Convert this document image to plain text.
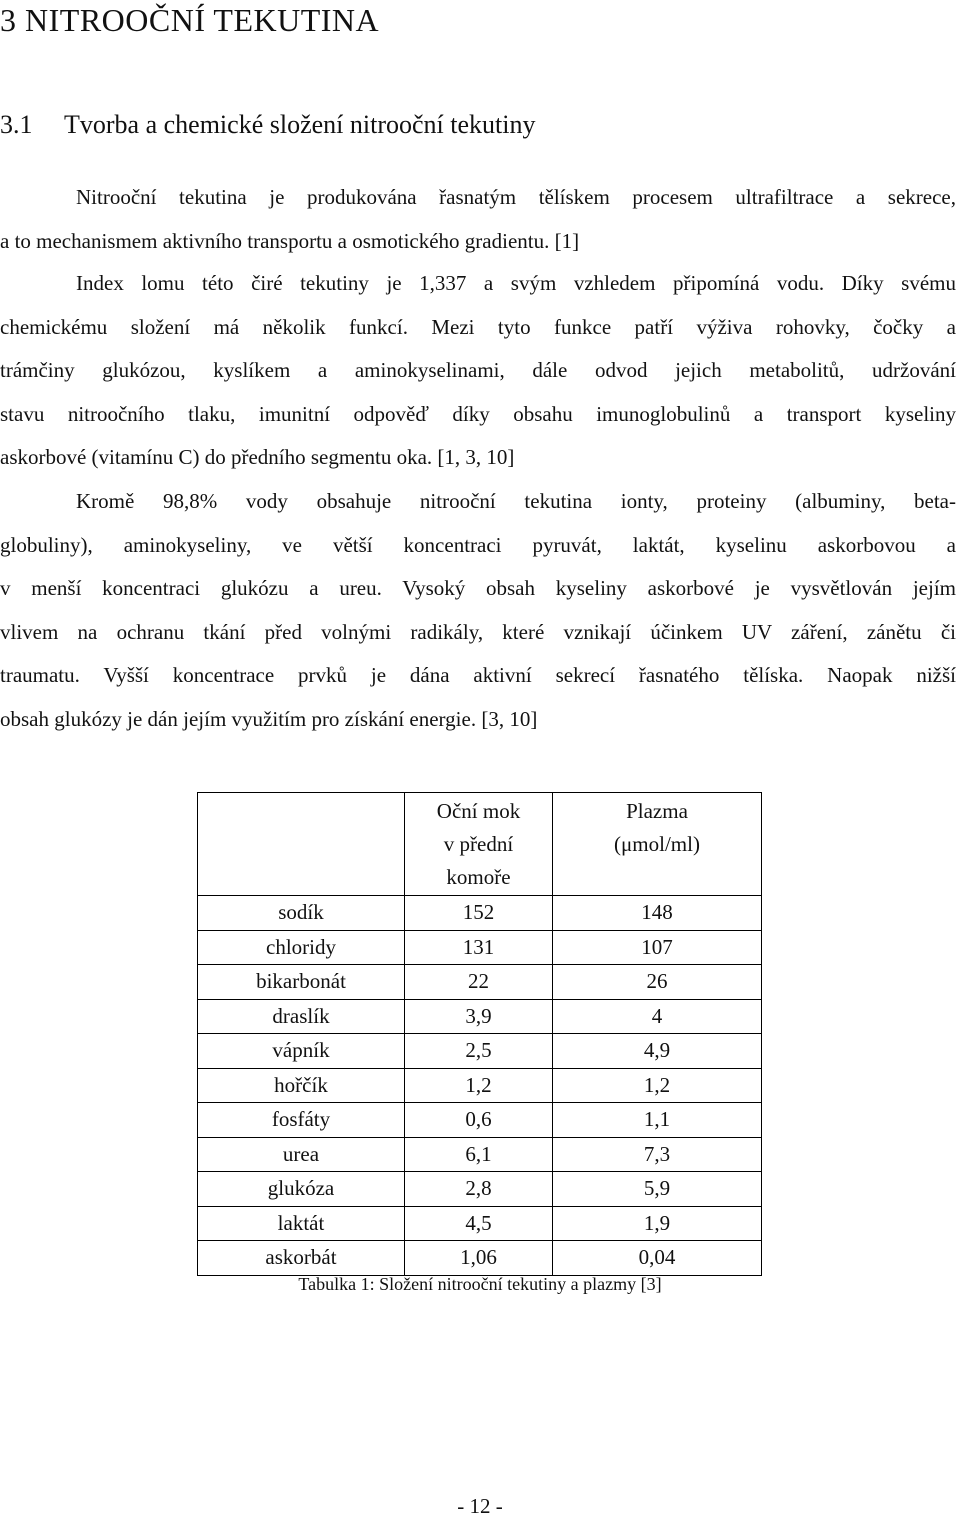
3 NITROOČNÍ TEKUTINA
3.1 Tvorba a chemické složení nitrooční tekutiny

Nitrooční tekutina je produkována řasnatým tělískem procesem ultrafiltrace a sekrece,
a to mechanismem aktivního transportu a osmotického gradientu. [1]

Index lomu této čiré tekutiny je 1,337 a svým vzhledem připomíná vodu. Díky svému
chemickému složení má několik funkcí. Mezi tyto funkce patří výživa rohovky, čočky a
trámčiny glukózou, kyslíkem a aminokyselinami, dále odvod jejich metabolitů, udržování
stavu nitroočního tlaku, imunitní odpověď díky obsahu imunoglobulinů a transport kyseliny
askorbové (vitamínu C) do předního segmentu oka. [1, 3, 10]

Kromě 98,8% vody obsahuje nitrooční tekutina ionty, proteiny (albuminy, beta-
globuliny), aminokyseliny, ve větší koncentraci pyruvát, laktát, kyselinu askorbovou a
v menší koncentraci glukózu a ureu. Vysoký obsah kyseliny askorbové je vysvětlován jejím
vlivem na ochranu tkání před volnými radikály, které vznikají účinkem UV záření, zánětu či
traumatu. Vyšší koncentrace prvků je dána aktivní sekrecí řasnatého tělíska. Naopak nižší
obsah glukózy je dán jejím využitím pro získání energie. [3, 10]

	Oční mok
v přední
komoře	Plazma
(μmol/ml)

sodík	152	148
chloridy	131	107
bikarbonát	22	26
draslík	3,9	4
vápník	2,5	4,9
hořčík	1,2	1,2
fosfáty	0,6	1,1
urea	6,1	7,3
glukóza	2,8	5,9
laktát	4,5	1,9
askorbát	1,06	0,04
Tabulka 1: Složení nitrooční tekutiny a plazmy [3]
- 12 -
